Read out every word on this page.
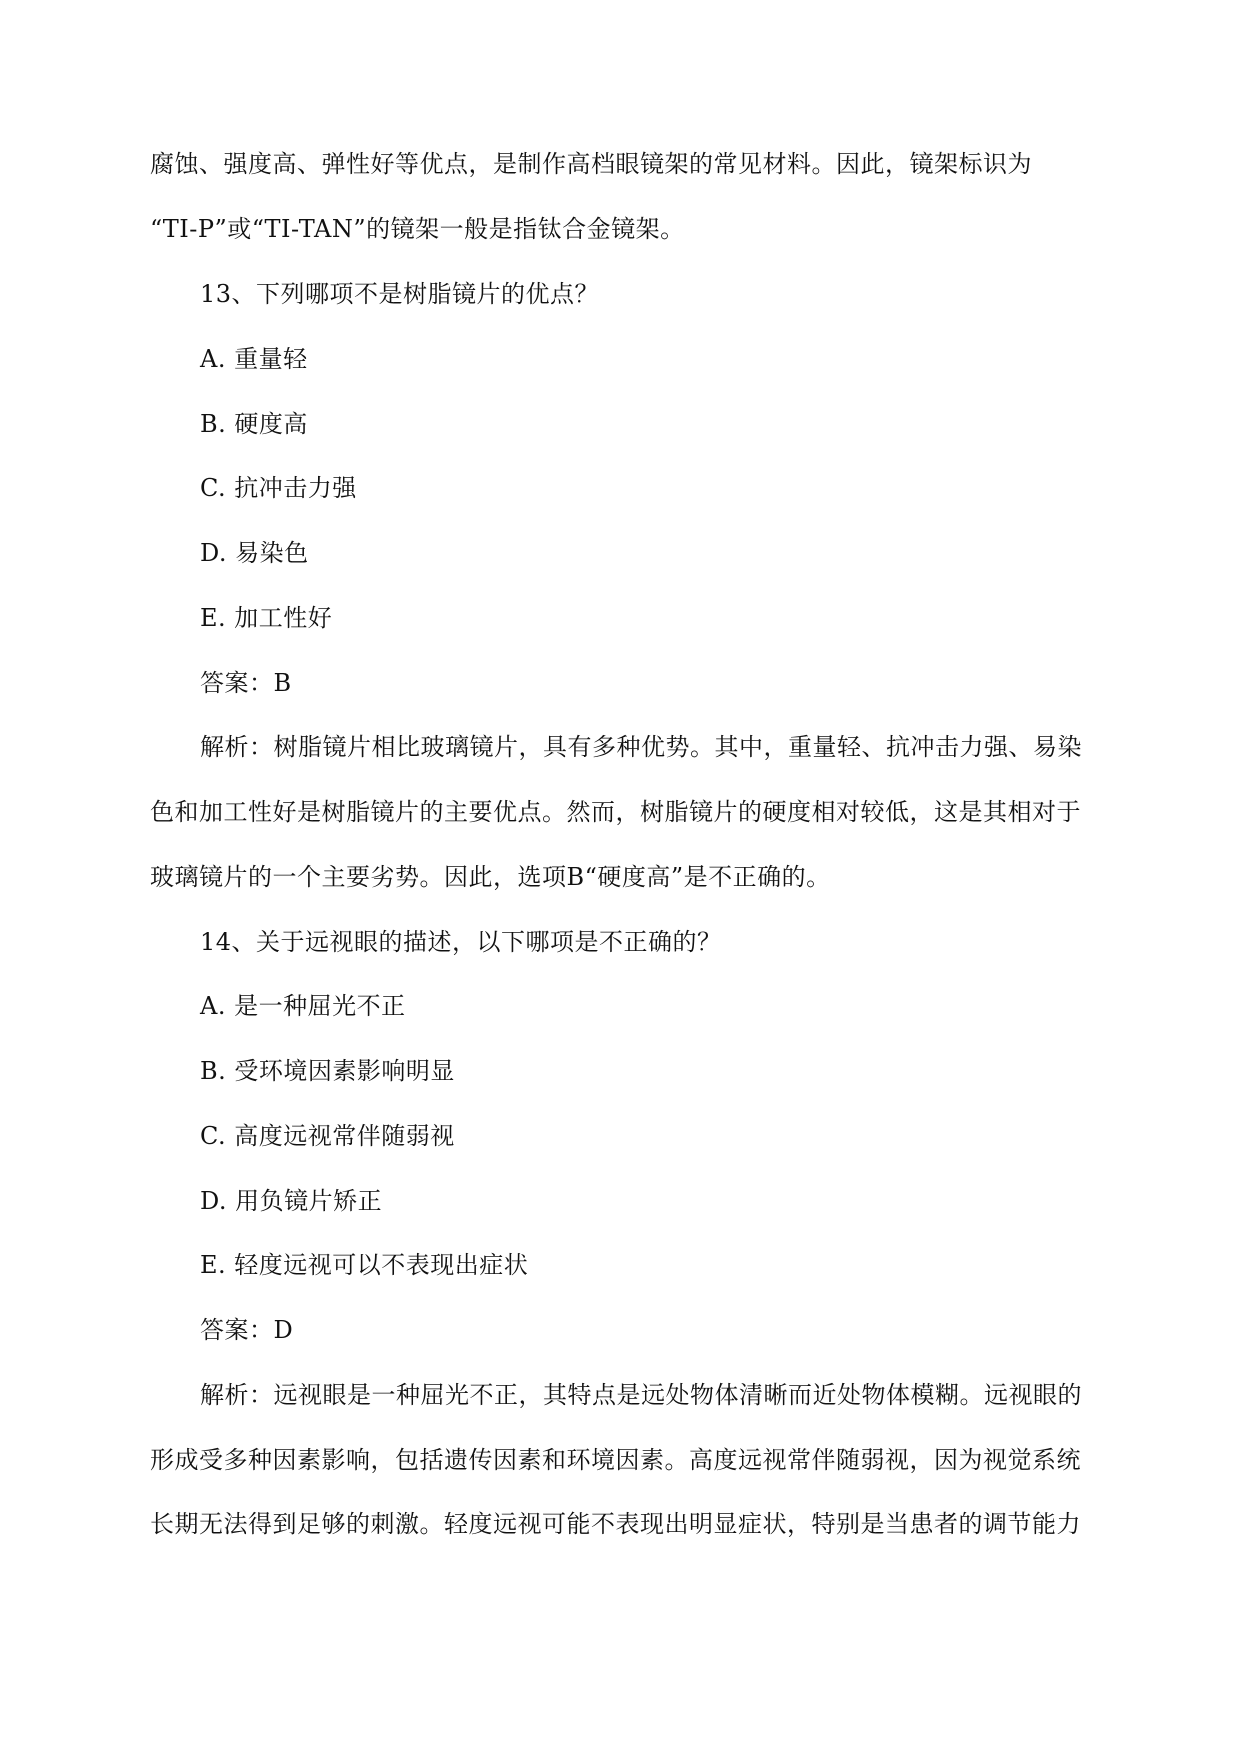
腐蚀、强度高、弹性好等优点，是制作高档眼镜架的常见材料。因此，镜架标识为
“TI-P”或“TI-TAN”的镜架一般是指钛合金镜架。
13、下列哪项不是树脂镜片的优点？
A. 重量轻
B. 硬度高
C. 抗冲击力强
D. 易染色
E. 加工性好
答案：B
解析：树脂镜片相比玻璃镜片，具有多种优势。其中，重量轻、抗冲击力强、易染
色和加工性好是树脂镜片的主要优点。然而，树脂镜片的硬度相对较低，这是其相对于
玻璃镜片的一个主要劣势。因此，选项B“硬度高”是不正确的。
14、关于远视眼的描述，以下哪项是不正确的？
A. 是一种屈光不正
B. 受环境因素影响明显
C. 高度远视常伴随弱视
D. 用负镜片矫正
E. 轻度远视可以不表现出症状
答案：D
解析：远视眼是一种屈光不正，其特点是远处物体清晰而近处物体模糊。远视眼的
形成受多种因素影响，包括遗传因素和环境因素。高度远视常伴随弱视，因为视觉系统
长期无法得到足够的刺激。轻度远视可能不表现出明显症状，特别是当患者的调节能力
